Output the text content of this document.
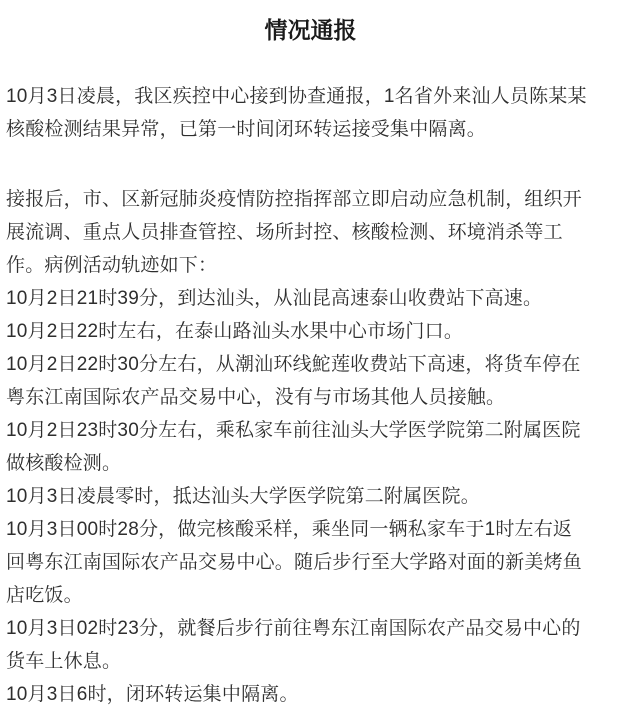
情况通报

10月3日凌晨，我区疾控中心接到协查通报，1名省外来汕人员陈某某
核酸检测结果异常，已第一时间闭环转运接受集中隔离。

接报后，市、区新冠肺炎疫情防控指挥部立即启动应急机制，组织开
展流调、重点人员排查管控、场所封控、核酸检测、环境消杀等工
作。病例活动轨迹如下：

10月2日21时39分，到达汕头，从汕昆高速泰山收费站下高速。
10月2日22时左右，在泰山路汕头水果中心市场门口。
10月2日22时30分左右，从潮汕环线鮀莲收费站下高速，将货车停在
粤东江南国际农产品交易中心，没有与市场其他人员接触。
10月2日23时30分左右，乘私家车前往汕头大学医学院第二附属医院
做核酸检测。
10月3日凌晨零时，抵达汕头大学医学院第二附属医院。
10月3日00时28分，做完核酸采样，乘坐同一辆私家车于1时左右返
回粤东江南国际农产品交易中心。随后步行至大学路对面的新美烤鱼
店吃饭。
10月3日02时23分，就餐后步行前往粤东江南国际农产品交易中心的
货车上休息。
10月3日6时，闭环转运集中隔离。
